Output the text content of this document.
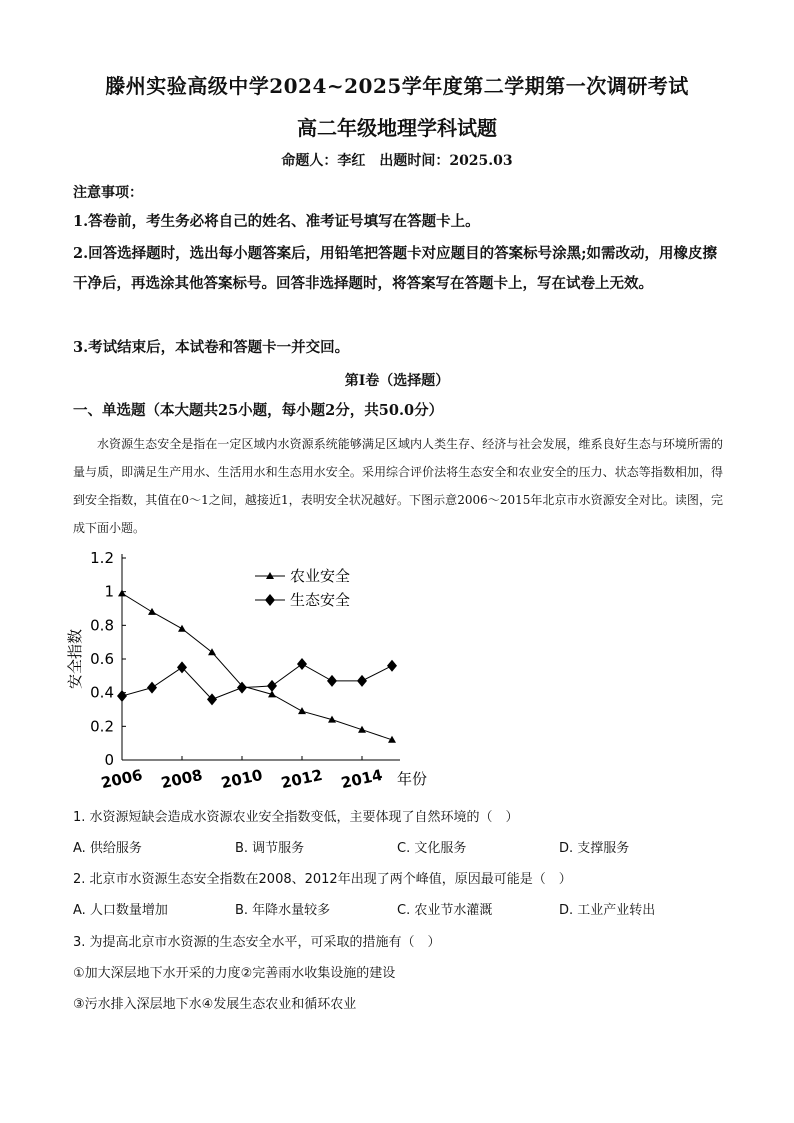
滕州实验高级中学2024~2025学年度第二学期第一次调研考试
高二年级地理学科试题
命题人：李红　出题时间：2025.03
注意事项：
1.答卷前，考生务必将自己的姓名、准考证号填写在答题卡上。
2.回答选择题时，选出每小题答案后，用铅笔把答题卡对应题目的答案标号涂黑;如需改动，用橡皮擦干净后，再选涂其他答案标号。回答非选择题时，将答案写在答题卡上，写在试卷上无效。
3.考试结束后，本试卷和答题卡一并交回。
第Ⅰ卷（选择题）
一、单选题（本大题共25小题，每小题2分，共50.0分）
水资源生态安全是指在一定区域内水资源系统能够满足区域内人类生存、经济与社会发展，维系良好生态与环境所需的量与质，即满足生产用水、生活用水和生态用水安全。采用综合评价法将生态安全和农业安全的压力、状态等指数相加，得到安全指数，其值在0～1之间，越接近1，表明安全状况越好。下图示意2006～2015年北京市水资源安全对比。读图，完成下面小题。
0
0.2
0.4
0.6
0.8
1
1.2
2006 2008 2010 2012 2014
安全指数
年份
农业安全
生态安全
1. 水资源短缺会造成水资源农业安全指数变低，主要体现了自然环境的（　）
A. 供给服务	B. 调节服务	C. 文化服务	D. 支撑服务
2. 北京市水资源生态安全指数在2008、2012年出现了两个峰值，原因最可能是（　）
A. 人口数量增加	B. 年降水量较多	C. 农业节水灌溉	D. 工业产业转出
3. 为提高北京市水资源的生态安全水平，可采取的措施有（　）
①加大深层地下水开采的力度②完善雨水收集设施的建设
③污水排入深层地下水④发展生态农业和循环农业
